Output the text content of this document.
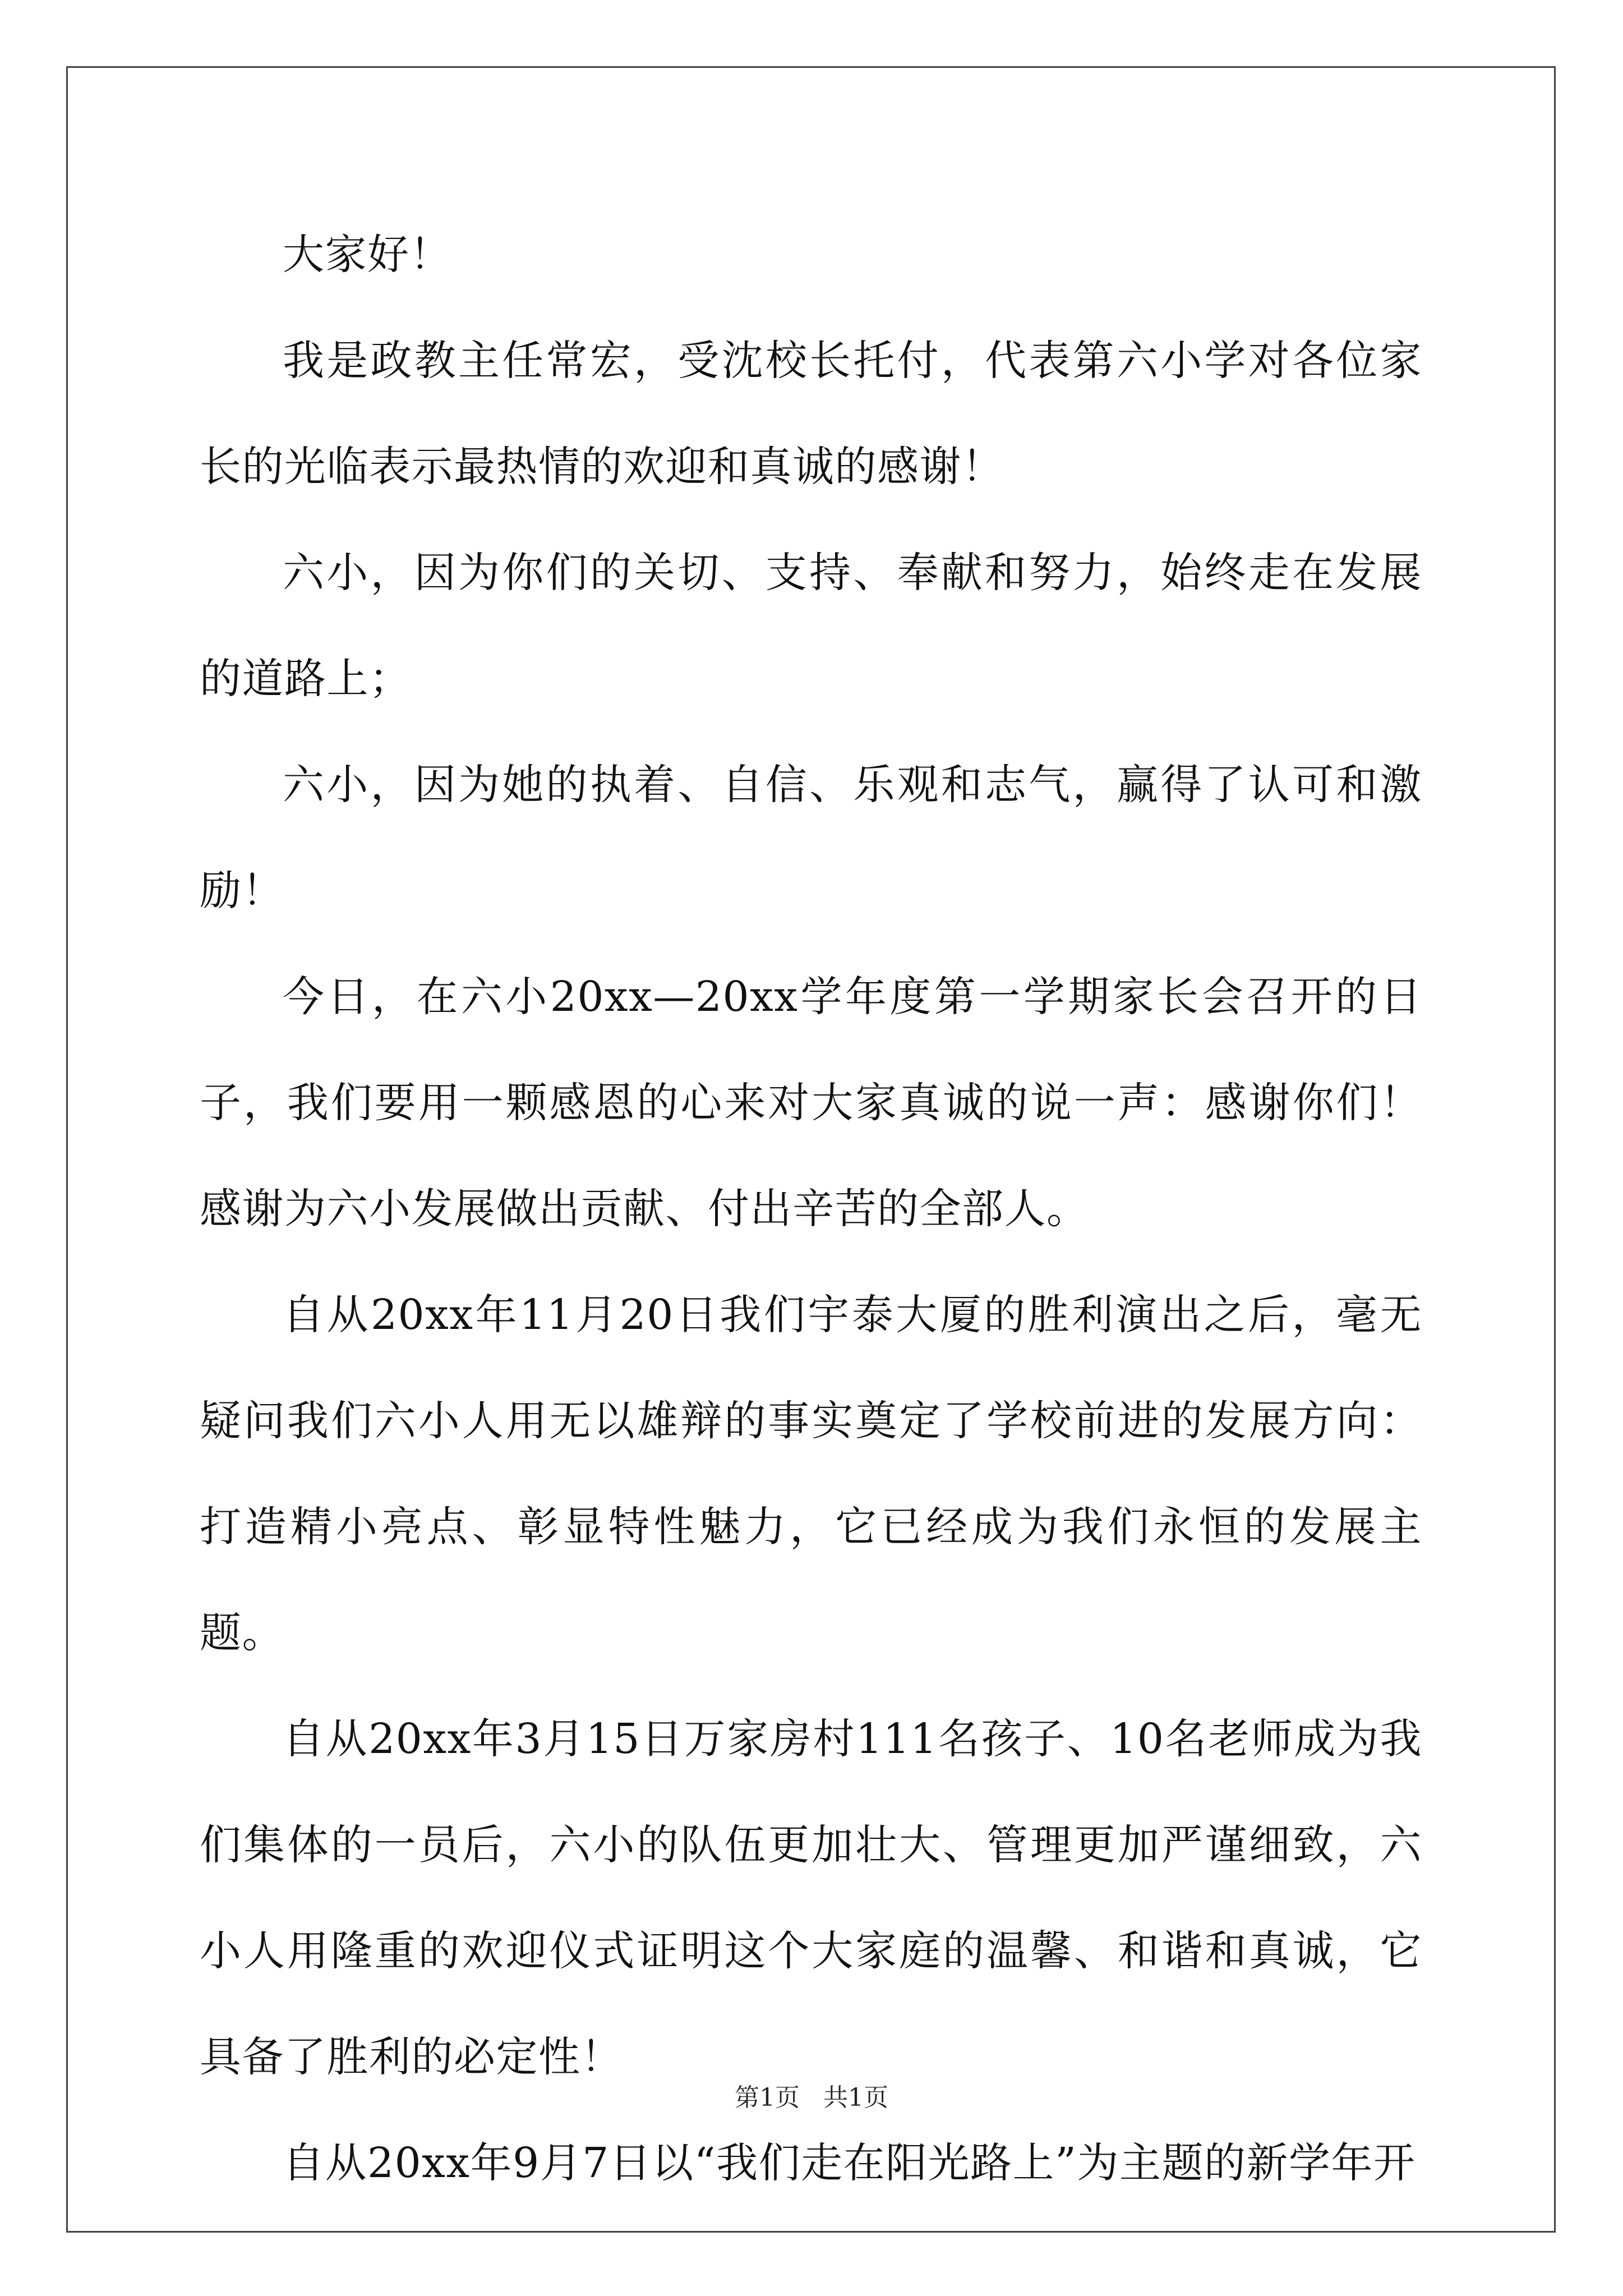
大家好！

我是政教主任常宏，受沈校长托付，代表第六小学对各位家长的光临表示最热情的欢迎和真诚的感谢！

六小，因为你们的关切、支持、奉献和努力，始终走在发展的道路上；

六小，因为她的执着、自信、乐观和志气，赢得了认可和激励！

今日，在六小20xx—20xx学年度第一学期家长会召开的日子，我们要用一颗感恩的心来对大家真诚的说一声：感谢你们！感谢为六小发展做出贡献、付出辛苦的全部人。

自从20xx年11月20日我们宇泰大厦的胜利演出之后，毫无疑问我们六小人用无以雄辩的事实奠定了学校前进的发展方向：打造精小亮点、彰显特性魅力，它已经成为我们永恒的发展主题。

自从20xx年3月15日万家房村111名孩子、10名老师成为我们集体的一员后，六小的队伍更加壮大、管理更加严谨细致，六小人用隆重的欢迎仪式证明这个大家庭的温馨、和谐和真诚，它具备了胜利的必定性！

自从20xx年9月7日以“我们走在阳光路上”为主题的新学年开

第1页   共1页
